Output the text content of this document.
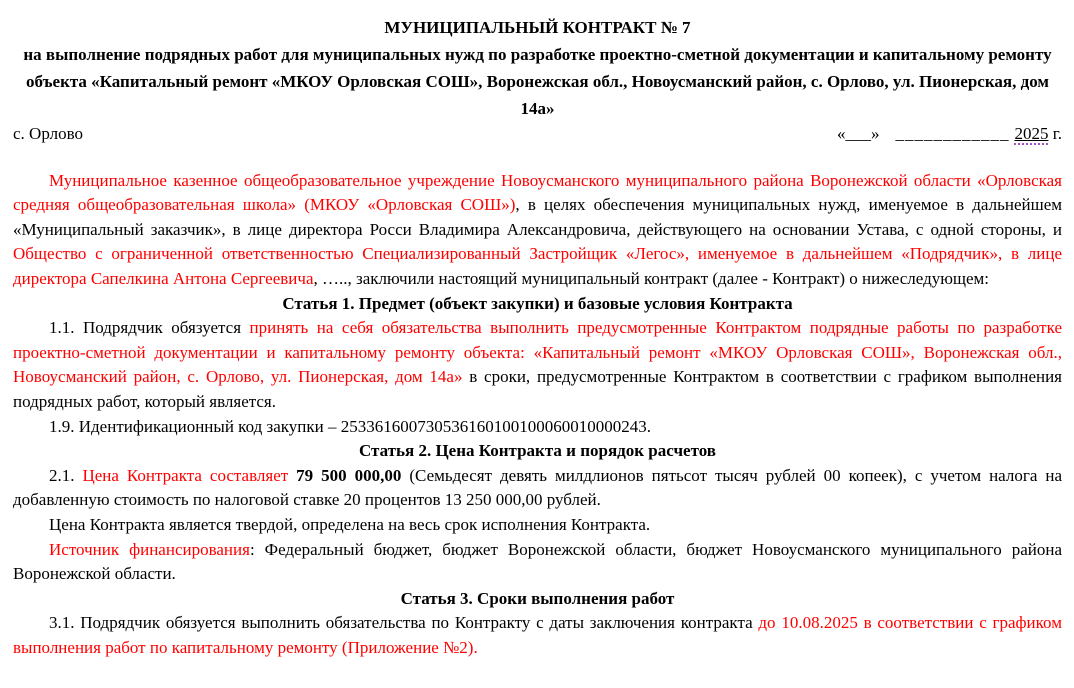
МУНИЦИПАЛЬНЫЙ КОНТРАКТ № 7
на выполнение подрядных работ для муниципальных нужд по разработке проектно-сметной документации и капитальному ремонту объекта «Капитальный ремонт «МКОУ Орловская СОШ», Воронежская обл., Новоусманский район, с. Орлово, ул. Пионерская, дом 14а»
с. Орлово	«___» ____________ 2025 г.

Муниципальное казенное общеобразовательное учреждение Новоусманского муниципального района Воронежской области «Орловская средняя общеобразовательная школа» (МКОУ «Орловская СОШ»), в целях обеспечения муниципальных нужд, именуемое в дальнейшем «Муниципальный заказчик», в лице директора Росси Владимира Александровича, действующего на основании Устава, с одной стороны, и Общество с ограниченной ответственностью Специализированный Застройщик «Легос», именуемое в дальнейшем «Подрядчик», в лице директора Сапелкина Антона Сергеевича, ….., заключили настоящий муниципальный контракт (далее - Контракт) о нижеследующем:

Статья 1. Предмет (объект закупки) и базовые условия Контракта

1.1. Подрядчик обязуется принять на себя обязательства выполнить предусмотренные Контрактом подрядные работы по разработке проектно-сметной документации и капитальному ремонту объекта: «Капитальный ремонт «МКОУ Орловская СОШ», Воронежская обл., Новоусманский район, с. Орлово, ул. Пионерская, дом 14а» в сроки, предусмотренные Контрактом в соответствии с графиком выполнения подрядных работ, который является.

1.9. Идентификационный код закупки – 253361600730536160100100060010000243.

Статья 2. Цена Контракта и порядок расчетов

2.1. Цена Контракта составляет 79 500 000,00 (Семьдесят девять милдлионов пятьсот тысяч рублей 00 копеек), с учетом налога на добавленную стоимость по налоговой ставке 20 процентов 13 250 000,00 рублей.

Цена Контракта является твердой, определена на весь срок исполнения Контракта.

Источник финансирования: Федеральный бюджет, бюджет Воронежской области, бюджет Новоусманского муниципального района Воронежской области.

Статья 3. Сроки выполнения работ

3.1. Подрядчик обязуется выполнить обязательства по Контракту с даты заключения контракта до 10.08.2025 в соответствии с графиком выполнения работ по капитальному ремонту (Приложение №2).
